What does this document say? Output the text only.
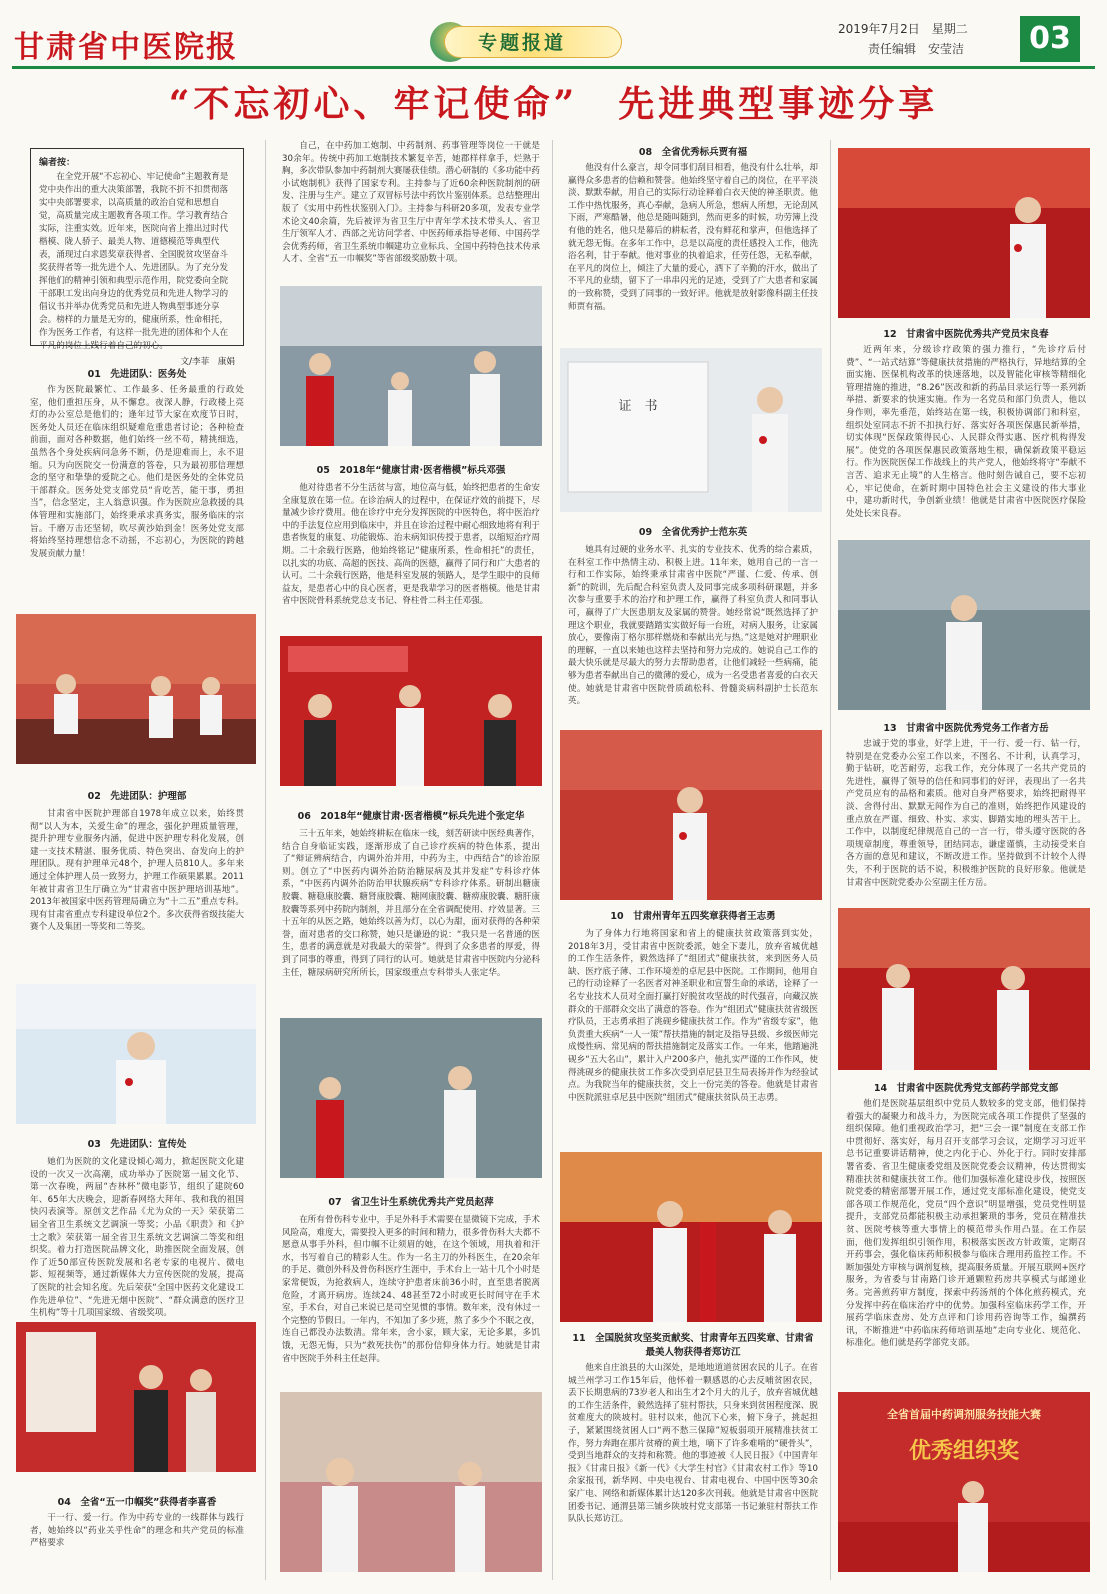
甘肃省中医院报	专题报道
2019年7月2日　星期二
责任编辑　安莹洁	03
“不忘初心、牢记使命”　先进典型事迹分享
编者按：
在全党开展“不忘初心、牢记使命”主题教育是党中央作出的重大决策部署，我院不折不扣贯彻落实中央部署要求，以高质量的政治自觉和思想自觉，高质量完成主题教育各项工作。学习教育结合实际，注重实效。近年来，医院向省上推出过时代楷模、陇人骄子、最美人物、道德模范等典型代表，涌现过白求恩奖章获得者、全国脱贫攻坚奋斗奖获得者等一批先进个人、先进团队。为了充分发挥他们的精神引领和典型示范作用，院党委向全院干部职工发出向身边的优秀党员和先进人物学习的倡议书并举办优秀党员和先进人物典型事迹分享会。榜样的力量是无穷的，健康所系，性命相托，作为医务工作者，有这样一批先进的团体和个人在平凡的岗位上践行着自己的初心。
文/李菲　康娟
01　先进团队：医务处
作为医院最繁忙、工作最多、任务最重的行政处室，他们重担压身，从不懈怠。夜深人静，行政楼上亮灯的办公室总是他们的；逢年过节大家在欢度节日时，医务处人员还在临床组织疑难危重患者讨论；各种检查前面，面对各种数据，他们始终一丝不苟，精挑细选，虽然各个身处疾病问急务不断，仍是迎难而上，永不退缩。只为向医院交一份满意的答卷，只为最初那信理想念的坚守和挚挚的爱院之心。他们是医务处的全体党员干部群众。医务处党支部党员“肯吃苦，能干事，勇担当”，信念坚定，主人翁意识强。作为医院应急救援的具体管理和实施部门，始终秉承求真务实，服务临床的宗旨。千磨万击还坚韧，吹尽黄沙始到金！医务处党支部将始终坚持理想信念不动摇，不忘初心，为医院的跨越发展贡献力量！
02　先进团队：护理部
甘肃省中医院护理部自1978年成立以来，始终贯彻“以人为本，关爱生命”的理念，强化护理质量管理，提升护理专业服务内涵，促进中医护理专科化发展，创建一支技术精湛、服务优质、特色突出、奋发向上的护理团队。现有护理单元48个，护理人员810人。多年来通过全体护理人员一致努力，护理工作硕果累累。2011年被甘肃省卫生厅确立为“甘肃省中医护理培训基地”。2013年被国家中医药管理局确立为“十二五”重点专科。现有甘肃省重点专科建设单位2个。多次获得省级技能大赛个人及集团一等奖和二等奖。
03　先进团队：宣传处
她们为医院的文化建设倾心竭力，掀起医院文化建设的一次又一次高潮，成功举办了医院第一届文化节、第一次春晚，两届“杏林杯”微电影节，组织了建院60年、65年大庆晚会，迎新春网络大拜年、我和我的祖国快闪表演等。原创文艺作品《尤为众的一天》荣获第二届全省卫生系统文艺调演一等奖；小品《职责》和《护士之歌》荣获第一届全省卫生系统文艺调演二等奖和组织奖。着力打造医院品牌文化，助推医院全面发展，创作了近50部宣传医院发展和名老专家的电视片、微电影、短视频等，通过新媒体大力宣传医院的发展，提高了医院的社会知名度。先后荣获“全国中医药文化建设工作先进单位”、“先进无烟中医院”、“群众满意的医疗卫生机构”等十几项国家级、省级奖项。
04　全省“五一巾帼奖”获得者李喜香
干一行、爱一行。作为中药专业的一线群体与践行者，她始终以“药业关乎性命”的理念和共产党员的标准严格要求
自己，在中药加工炮制、中药制剂、药事管理等岗位一干就是30余年。传统中药加工炮制技术繁复辛苦，她郡样样拿手，烂熟于胸，多次带队参加中药制剂大赛屡获佳绩。潜心研制的《多功能中药小试炮制机》获得了国家专利。主持参与了近60余种医院制剂的研发、注册与生产。建立了双冒标号法中药饮片鉴别体系。总结整理出版了《实用中药性状鉴别入门》。主持参与科研20多项，发表专业学术论文40余篇，先后被评为省卫生厅中青年学术技术带头人、省卫生厅领军人才、西部之光访问学者、中医药师承指导老师、中国药学会优秀药师，省卫生系统巾帼建功立业标兵、全国中药特色技术传承人才、全省“五一巾帼奖”等省部级奖励数十项。
05　2018年“健康甘肃·医者楷模”标兵邓强
他对待患者不分生活贫与富，地位高与低，始终把患者的生命安全康复放在第一位。在诊治病人的过程中，在保证疗效的前提下，尽量减少诊疗费用。他在诊疗中充分发挥医院的中医特色，将中医治疗中的手法复位应用到临床中，并且在诊治过程中耐心细致地将有利于患者恢复的康复、功能锻炼、治未病知识传授于患者，以缩短治疗周期。二十余载行医路，他始终铭记“健康所系，性命相托”的责任，以扎实的功底、高超的医技、高尚的医德，赢得了同行和广大患者的认可。二十余载行医路，他是科室发展的领路人，是学生眼中的良师益友，是患者心中的良心医者，更是我辈学习的医者楷模。他是甘肃省中医院骨科系统党总支书记、脊柱骨二科主任邓强。
06　2018年“健康甘肃·医者楷模”标兵先进个张定华
三十五年来，她始终耕耘在临床一线，刻苦研读中医经典著作，结合自身临证实践，逐渐形成了自己诊疗疾病的特色体系，提出了“辩证辨病结合，内调外治并用，中药为主，中西结合”的诊治原则。创立了“中医药内调外治防治糖尿病及其并发症”专科诊疗体系，“中医药内调外治防治甲状腺疾病”专科诊疗体系。研制出糖康胶囊、糖稳康胶囊、糖肾康胶囊、糖网康胶囊、糖痹康胶囊、糖肝康胶囊等系列中药院内制剂，并且部分在全省调配使用、疗效显著。三十五年的从医之路，她始终以善为灯，以心为甜，面对获得的各种荣誉，面对患者的交口称赞，她只是谦逊的说：“我只是一名普通的医生，患者的满意就是对我最大的荣誉”。得到了众多患者的厚爱，得到了同事的尊重，得到了同行的认可。她就是甘肃省中医院内分泌科主任，糖尿病研究所所长，国家级重点专科带头人张定华。
07　省卫生计生系统优秀共产党员赵萍
在所有骨伤科专业中，手足外科手术需要在显微镜下完成，手术风险高，难度大，需要投入更多的时间和精力，很多骨伤科大夫都不愿意从事手外科，但巾帼不让须眉的她，在这个领域，用执着和汗水，书写着自己的精彩人生。作为一名主刀的外科医生，在20余年的手足、微创外科及骨伤科医疗生涯中，手术台上一站十几个小时是家常便饭，为抢救病人，连续守护患者床前36小时，直至患者脱离危险，才离开病房。连续24、48甚至72小时或更长时间守在手术室，手术台，对自己来说已是司空见惯的事情。数年来，没有休过一个完整的节假日。一年内，不知加了多少班，熬了多少个不眠之夜，连自己都没办法数清。常年来，舍小家，顾大家，无论多累，多饥饿，无怨无悔，只为“救死扶伤”的那份信仰身体力行。她就是甘肃省中医院手外科主任赵萍。
08　全省优秀标兵贾有福
他没有什么豪言，却令同事们刮目相看，他没有什么壮举，却赢得众多患者的信赖和赞誉。他始终坚守着自己的岗位，在平平淡淡、默默奉献，用自己的实际行动诠释着白衣天使的神圣职责。他工作中热忱服务，真心奉献，急病人所急，想病人所想，无论刮风下雨，严寒酷暑，他总是随叫随到，然而更多的时候，功劳簿上没有他的姓名，他只是幕后的耕耘者，没有鲜花和掌声，但他选择了就无怨无悔。在多年工作中，总是以高度的责任感投入工作，他洗浴名利，甘于奉献。他对事业的执着追求，任劳任怨，无私奉献，在平凡的岗位上，倾注了大量的爱心，洒下了辛勤的汗水，做出了不平凡的业绩，留下了一串串闪光的足迹，受到了广大患者和家属的一致称赞，受到了同事的一致好评。他就是放射影像科副主任技师贾有福。
证　书
09　全省优秀护士范东英
她具有过硬的业务水平、扎实的专业技术、优秀的综合素质，在科室工作中热情主动、积极上进。11年来，她用自己的一言一行和工作实际，始终秉承甘肃省中医院“严谨、仁爱、传承、创新”的院训，先后配合科室负责人及同事完成多项科研课题，并多次参与重要手术的治疗和护理工作，赢得了科室负责人和同事认可，赢得了广大医患朋友及家属的赞誉。她经常说“既然选择了护理这个职业，我就要踏踏实实做好每一台班，对病人服务，让家属放心，要像南丁格尔那样燃烧和奉献出光与热。”这是她对护理职业的理解，一直以来她也这样去坚持和努力完成的。她说自己工作的最大快乐就是尽最大的努力去帮助患者，让他们减轻一些病痛，能够为患者奉献出自己的微薄的爱心，成为一名受患者喜爱的白衣天使。她就是甘肃省中医院骨质疏松科、骨髓炎病科副护士长范东英。
10　甘肃州青年五四奖章获得者王志勇
为了身体力行地将国家和省上的健康扶贫政策落到实处，2018年3月，受甘肃省中医院委派，她全下妻儿，放弃省城优越的工作生活条件，毅然选择了“组团式”健康扶贫，来到医务人员缺、医疗底子薄、工作环境差的卓尼县中医院。工作期间，他用自己的行动诠释了一名医者对神圣职业和宣誓生命的承诺，诠释了一名专业技术人员对全面打赢打好脱贫攻坚战的时代强音，向藏汉族群众的干部群众交出了满意的答卷。作为“组团式”健康扶贫省级医疗队员，王志勇承担了洮砚乡健康扶贫工作。作为“省级专家”，他负责重大疾病“一人一策”帮扶措施的制定及指导县级、乡级医师完成慢性病、常见病的帮扶措施制定及落实工作。一年来，他踏遍洮砚乡“五大名山”，累计入户200多户，他扎实严谨的工作作风，使得洮砚乡的健康扶贫工作多次受到卓尼县卫生局表扬并作为经验试点。为我院当年的健康扶贫，交上一份完美的答卷。他就是甘肃省中医院派驻卓尼县中医院“组团式”健康扶贫队员王志勇。
11　全国脱贫攻坚奖贡献奖、甘肃青年五四奖章、甘肃省最美人物获得者郑访江
他来自庄浪县的大山深处，是地地道道贫困农民的儿子。在省城兰州学习工作15年后，他怀着一颗感恩的心去反哺贫困农民，丢下长期患病的73岁老人和出生才2个月大的儿子，放弃省城优越的工作生活条件，毅然选择了驻村帮扶，只身来到贫困程度深、脱贫难度大的陕坡村。驻村以来，他沉下心来，俯下身子，挑起担子，紧紧围绕贫困人口“两不愁三保障”短板弱项开展精准扶贫工作，努力奔跑在那片贫瘠的黄土地，嘀下了许多难啃的“硬骨头”，受到当地群众的支持和称赞。他的事迹被《人民日报》《中国青年报》《甘肃日报》《新一代》《大学生村官》《甘肃农村工作》等10余家报刊，新华网、中央电视台、甘肃电视台、中国中医等30余家广电、网络和新媒体累计达120多次刊载。他就是甘肃省中医院团委书记、通渭县第三铺乡陕坡村党支部第一书记兼驻村帮扶工作队队长郑访江。
12　甘肃省中医院优秀共产党员宋良春
近两年来，分级诊疗政策的强力推行，“先诊疗后付费”、“一站式结算”等健康扶贫措施的严格执行，异地结算的全面实施、医保机构改革的快速落地，以及智能化审核等精细化管理措施的推进，“8.26”医改和新的药品目录运行等一系列新举措、新要求的快速实施。作为一名党员和部门负责人，他以身作则，率先垂范，始终站在第一线，积极协调部门和科室，组织处室同志不折不扣执行好、落实好各项医保惠民新举措，切实体现“医保政策得民心、人民群众得实惠、医疗机构得发展”。使党的各项医保惠民政策落地生根，确保新政策平稳运行。作为医院医保工作战线上的共产党人，他始终将守“奉献不言苦、追求无止境”的人生格言。他时刻告诫自己，要不忘初心，牢记使命，在新时期中国特色社会主义建设的伟大事业中，建功新时代，争创新业绩！他就是甘肃省中医院医疗保险处处长宋良春。
13　甘肃省中医院优秀党务工作者方岳
忠诚于党的事业，好学上进，干一行、爱一行、钻一行，特别是在党委办公室工作以来，不图名、不计利，认真学习，勤于钻研，吃苦耐劳，忘我工作，充分体现了一名共产党员的先进性，赢得了领导的信任和同事们的好评，表现出了一名共产党员应有的品格和素质。他对自身严格要求，始终把耐得平淡、舍得付出、默默无闻作为自己的准则，始终把作风建设的重点放在严谨、细致、朴实、求实、脚踏实地的埋头苦干上。工作中，以制度纪律规范自己的一言一行，带头遵守医院的各项规章制度，尊重领导，团结同志，谦虚谨慎，主动接受来自各方面的意见和建议，不断改进工作。坚持做到不计较个人得失，不利于医院的话不说，积极维护医院的良好形象。他就是甘肃省中医院党委办公室副主任方岳。
14　甘肃省中医院优秀党支部药学部党支部
他们是医院基层组织中党员人数较多的党支部，他们保持着强大的凝聚力和战斗力，为医院完成各项工作提供了坚强的组织保障。他们重视政治学习，把“三会一课”制度在支部工作中贯彻好、落实好，每月召开支部学习会议，定期学习习近平总书记重要讲话精神，使之内化于心、外化于行。同时安排部署省委、省卫生健康委党组及医院党委会议精神，传达贯彻实精准扶贫和健康扶贫工作。他们加强标准化建设步伐，按照医院党委的精密部署开展工作，通过党支部标准化建设，使党支部各项工作规范化，党员“四个意识”明显增强，党员党性明显提升，支部党员都能积极主动承担繁琐的事务，党员在精准扶贫、医院考核等重大事情上的模范带头作用凸显。在工作层面，他们发挥组织引领作用，积极落实医改方针政策，定期召开药事会，强化临床药师积极参与临床合理用药监控工作。不断加强处方审核与调剂复核，提高服务质量。开展互联网+医疗服务，为省委与甘南路门诊开通颗粒药房共享模式与邮递业务。完善煎药审方制度，探索中药汤剂的个体化煎药模式，充分发挥中药在临床治疗中的优势。加强科室临床药学工作，开展药学临床查房、处方点评和门诊用药咨询等工作，编撰药讯，不断推进“中药临床药师培训基地”走向专业化、规范化、标准化。他们就是药学部党支部。
全省首届中药调剂服务技能大赛
优秀组织奖
